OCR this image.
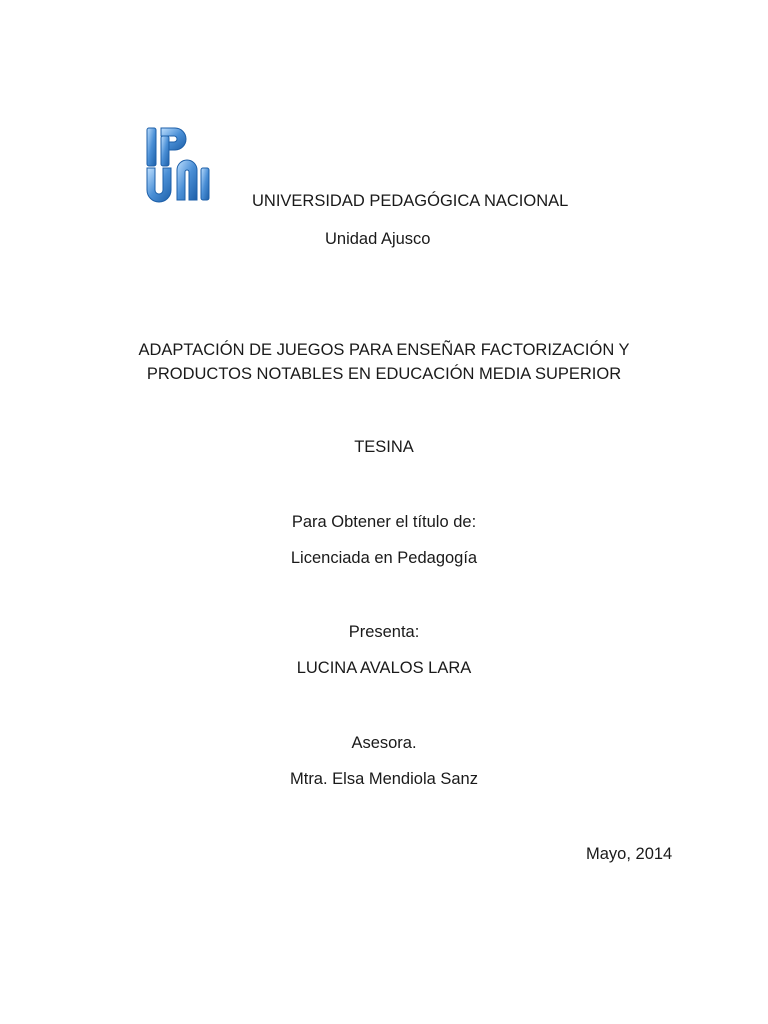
UNIVERSIDAD PEDAGÓGICA NACIONAL
Unidad Ajusco
ADAPTACIÓN DE JUEGOS PARA ENSEÑAR FACTORIZACIÓN Y
PRODUCTOS NOTABLES EN EDUCACIÓN MEDIA SUPERIOR
TESINA
Para Obtener el título de:
Licenciada en Pedagogía
Presenta:
LUCINA AVALOS LARA
Asesora.
Mtra. Elsa Mendiola Sanz
Mayo, 2014
